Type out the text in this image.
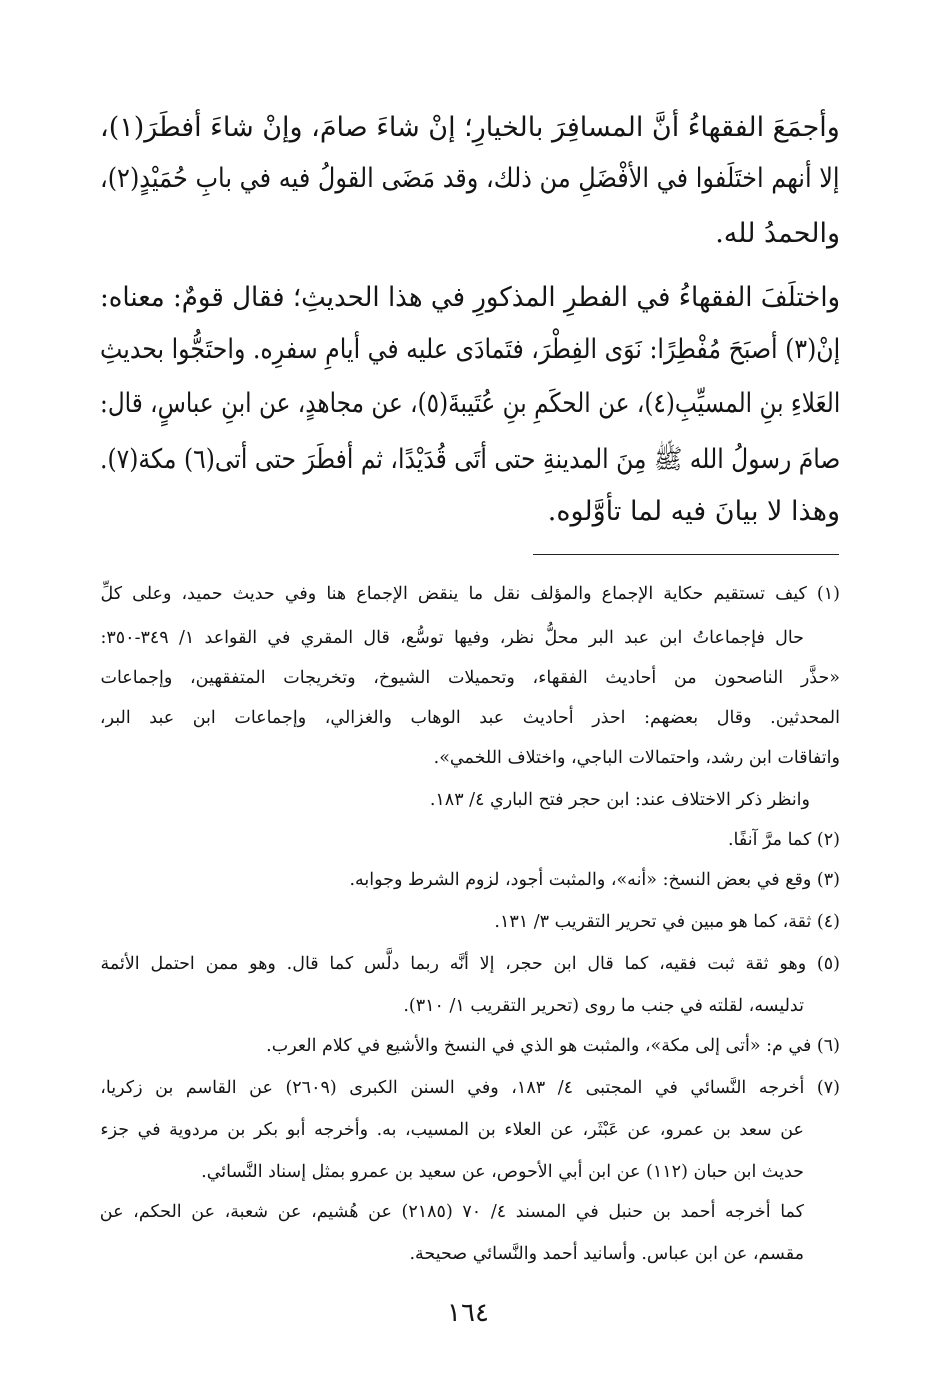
وأجمَعَ الفقهاءُ أنَّ المسافِرَ بالخيارِ؛ إنْ شاءَ صامَ، وإنْ شاءَ أفطَرَ(١)،
إلا أنهم اختَلَفوا في الأفْضَلِ من ذلك، وقد مَضَى القولُ فيه في بابِ حُمَيْدٍ(٢)،
والحمدُ لله.
واختلَفَ الفقهاءُ في الفطرِ المذكورِ في هذا الحديثِ؛ فقال قومٌ: معناه:
إنْ(٣) أصبَحَ مُفْطِرًا: نَوَى الفِطْرَ، فتَمادَى عليه في أيامِ سفرِه. واحتَجُّوا بحديثِ
العَلاءِ بنِ المسيِّبِ(٤)، عن الحكَمِ بنِ عُتَيبةَ(٥)، عن مجاهدٍ، عن ابنِ عباسٍ، قال:
صامَ رسولُ الله ﷺ مِنَ المدينةِ حتى أتَى قُدَيْدًا، ثم أفطَرَ حتى أتى(٦) مكة(٧).
وهذا لا بيانَ فيه لما تأوَّلوه.
(١) كيف تستقيم حكاية الإجماع والمؤلف نقل ما ينقض الإجماع هنا وفي حديث حميد، وعلى كلِّ
حال فإجماعاتُ ابن عبد البر محلُّ نظر، وفيها توسُّع، قال المقري في القواعد ١/ ٣٤٩-٣٥٠:
«حذَّر الناصحون من أحاديث الفقهاء، وتحميلات الشيوخ، وتخريجات المتفقهين، وإجماعات
المحدثين. وقال بعضهم: احذر أحاديث عبد الوهاب والغزالي، وإجماعات ابن عبد البر،
واتفاقات ابن رشد، واحتمالات الباجي، واختلاف اللخمي».
وانظر ذكر الاختلاف عند: ابن حجر فتح الباري ٤/ ١٨٣.
(٢) كما مرَّ آنفًا.
(٣) وقع في بعض النسخ: «أنه»، والمثبت أجود، لزوم الشرط وجوابه.
(٤) ثقة، كما هو مبين في تحرير التقريب ٣/ ١٣١.
(٥) وهو ثقة ثبت فقيه، كما قال ابن حجر، إلا أنَّه ربما دلَّس كما قال. وهو ممن احتمل الأئمة
تدليسه، لقلته في جنب ما روى (تحرير التقريب ١/ ٣١٠).
(٦) في م: «أتى إلى مكة»، والمثبت هو الذي في النسخ والأشيع في كلام العرب.
(٧) أخرجه النَّسائي في المجتبى ٤/ ١٨٣، وفي السنن الكبرى (٢٦٠٩) عن القاسم بن زكريا،
عن سعد بن عمرو، عن عَبْثَر، عن العلاء بن المسيب، به. وأخرجه أبو بكر بن مردوية في جزء
حديث ابن حبان (١١٢) عن ابن أبي الأحوص، عن سعيد بن عمرو بمثل إسناد النَّسائي.
كما أخرجه أحمد بن حنبل في المسند ٤/ ٧٠ (٢١٨٥) عن هُشيم، عن شعبة، عن الحكم، عن
مقسم، عن ابن عباس. وأسانيد أحمد والنَّسائي صحيحة.
١٦٤
